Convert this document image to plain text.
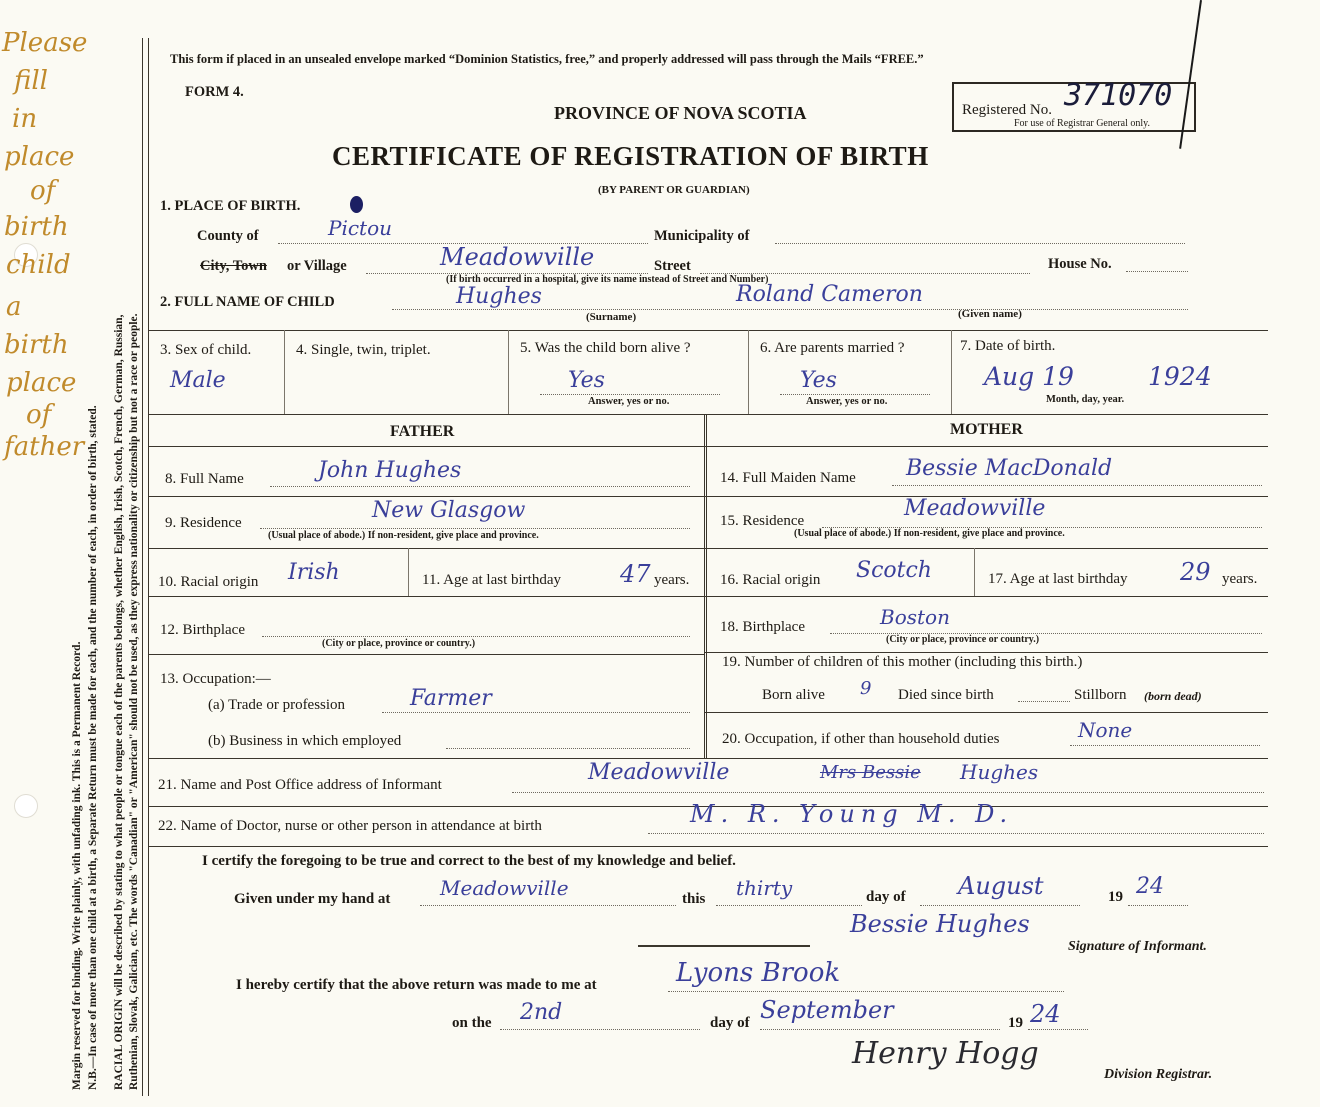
Please
fill
in
place
of
birth
child
a
birth
place
of
father
Margin reserved for binding. Write plainly, with unfading ink. This is a Permanent Record. N.B.—In case of more than one child at a birth, a Separate Return must be made for each, and the number of each, in order of birth, stated. RACIAL ORIGIN will be described by stating to what people or tongue each of the parents belongs, whether English, Irish, Scotch, French, German, Russian, Ruthenian, Slovak, Galician, etc. The words "Canadian" or "American" should not be used, as they express nationality or citizenship but not a race or people.
This form if placed in an unsealed envelope marked “Dominion Statistics, free,” and properly addressed will pass through the Mails “FREE.”
FORM 4.
PROVINCE OF NOVA SCOTIA
CERTIFICATE OF REGISTRATION OF BIRTH
(BY PARENT OR GUARDIAN)
Registered No. 371070
For use of Registrar General only.
1. PLACE OF BIRTH.
County of	Pictou	Municipality of
City, Town or Village	Meadowville	Street	House No.
(If birth occurred in a hospital, give its name instead of Street and Number)
2. FULL NAME OF CHILD	Hughes	Roland Cameron
(Surname)	(Given name)
3. Sex of child.
Male
4. Single, twin, triplet.	5. Was the child born alive ?
Yes
Answer, yes or no.
6. Are parents married ?
Yes
Answer, yes or no.
7. Date of birth.
Aug 19	1924
Month, day, year.
FATHER	MOTHER
8. Full Name	John Hughes
9. Residence	New Glasgow
(Usual place of abode.) If non-resident, give place and province.
10. Racial origin Irish	11. Age at last birthday 47 years.
12. Birthplace
(City or place, province or country.)
13. Occupation:—
(a) Trade or profession	Farmer
(b) Business in which employed
14. Full Maiden Name Bessie MacDonald
15. Residence	Meadowville
(Usual place of abode.) If non-resident, give place and province.
16. Racial origin Scotch	17. Age at last birthday 29 years.
18. Birthplace	Boston
(City or place, province or country.)
19. Number of children of this mother (including this birth.)
Born alive 9 Died since birth	Stillborn (born dead)
20. Occupation, if other than household duties	None
21. Name and Post Office address of Informant	Meadowville	Mrs Bessie Hughes
22. Name of Doctor, nurse or other person in attendance at birth	M. R. Young M. D.
I certify the foregoing to be true and correct to the best of my knowledge and belief.
Given under my hand at Meadowville	this thirty	day of August	19 24
Bessie Hughes
Signature of Informant.
I hereby certify that the above return was made to me at	Lyons Brook
on the 2nd	day of September	19 24
Henry Hogg
Division Registrar.
